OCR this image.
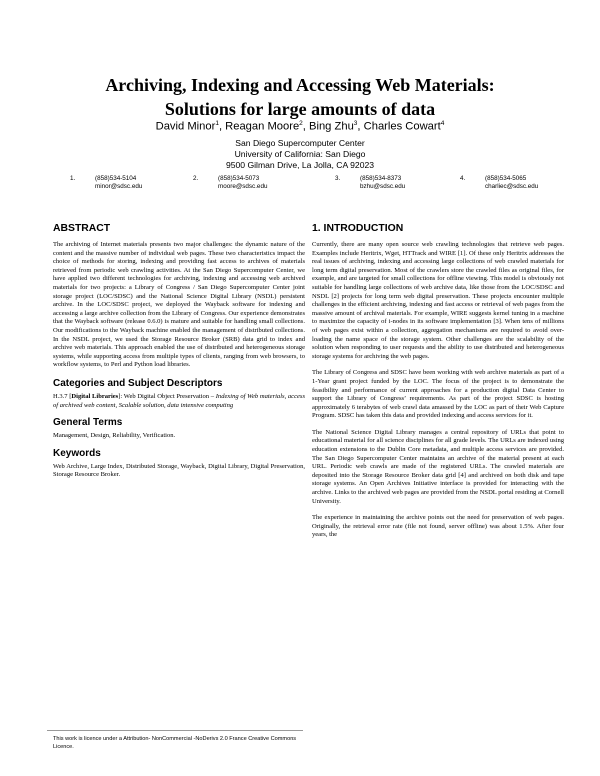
Archiving, Indexing and Accessing Web Materials:
Solutions for large amounts of data
David Minor$^1$, Reagan Moore$^2$, Bing Zhu$^3$, Charles Cowart$^4$
San Diego Supercomputer Center
University of California: San Diego
9500 Gilman Drive, La Jolla, CA 92023
1.	(858)534-5104
minor@sdsc.edu
2.	(858)534-5073
moore@sdsc.edu
3.	(858)534-8373
bzhu@sdsc.edu
4.	(858)534-5065
charliec@sdsc.edu
ABSTRACT

The archiving of Internet materials presents two major challenges: the dynamic nature of the content and the massive number of individual web pages. These two characteristics impact the choice of methods for storing, indexing and providing fast access to archives of materials retrieved from periodic web crawling activities. At the San Diego Supercomputer Center, we have applied two different technologies for archiving, indexing and accessing web archived materials for two projects: a Library of Congress / San Diego Supercomputer Center joint storage project (LOC/SDSC) and the National Science Digital Library (NSDL) persistent archive. In the LOC/SDSC project, we deployed the Wayback software for indexing and accessing a large archive collection from the Library of Congress. Our experience demonstrates that the Wayback software (release 0.6.0) is mature and suitable for handling small collections. Our modifications to the Wayback machine enabled the management of distributed collections. In the NSDL project, we used the Storage Resource Broker (SRB) data grid to index and archive web materials. This approach enabled the use of distributed and heterogeneous storage systems, while supporting access from multiple types of clients, ranging from web browsers, to workflow systems, to Perl and Python load libraries.

Categories and Subject Descriptors

H.3.7 [Digital Libraries]: Web Digital Object Preservation – Indexing of Web materials, access of archived web content, Scalable solution, data intensive computing

General Terms

Management, Design, Reliability, Verification.

Keywords

Web Archive, Large Index, Distributed Storage, Wayback, Digital Library, Digital Preservation, Storage Resource Broker.

This work is licence under a Attribution- NonCommercial -NoDerivs 2.0 France Creative Commons Licence.
1. INTRODUCTION

Currently, there are many open source web crawling technologies that retrieve web pages. Examples include Heritrix, Wget, HTTrack and WIRE [1]. Of these only Heritrix addresses the real issues of archiving, indexing and accessing large collections of web crawled materials for long term digital preservation. Most of the crawlers store the crawled files as original files, for example, and are targeted for small collections for offline viewing. This model is obviously not suitable for handling large collections of web archive data, like those from the LOC/SDSC and NSDL [2] projects for long term web digital preservation. These projects encounter multiple challenges in the efficient archiving, indexing and fast access or retrieval of web pages from the massive amount of archival materials. For example, WIRE suggests kernel tuning in a machine to maximize the capacity of i-nodes in its software implementation [3]. When tens of millions of web pages exist within a collection, aggregation mechanisms are required to avoid over-loading the name space of the storage system. Other challenges are the scalability of the solution when responding to user requests and the ability to use distributed and heterogeneous storage systems for archiving the web pages.

The Library of Congress and SDSC have been working with web archive materials as part of a 1-Year grant project funded by the LOC. The focus of the project is to demonstrate the feasibility and performance of current approaches for a production digital Data Center to support the Library of Congress’ requirements. As part of the project SDSC is hosting approximately 6 terabytes of web crawl data amassed by the LOC as part of their Web Capture Program. SDSC has taken this data and provided indexing and access services for it.

The National Science Digital Library manages a central repository of URLs that point to educational material for all science disciplines for all grade levels. The URLs are indexed using education extensions to the Dublin Core metadata, and multiple access services are provided. The San Diego Supercomputer Center maintains an archive of the material present at each URL. Periodic web crawls are made of the registered URLs. The crawled materials are deposited into the Storage Resource Broker data grid [4] and archived on both disk and tape storage systems. An Open Archives Initiative interface is provided for interacting with the archive. Links to the archived web pages are provided from the NSDL portal residing at Cornell University.

The experience in maintaining the archive points out the need for preservation of web pages. Originally, the retrieval error rate (file not found, server offline) was about 1.5%. After four years, the
